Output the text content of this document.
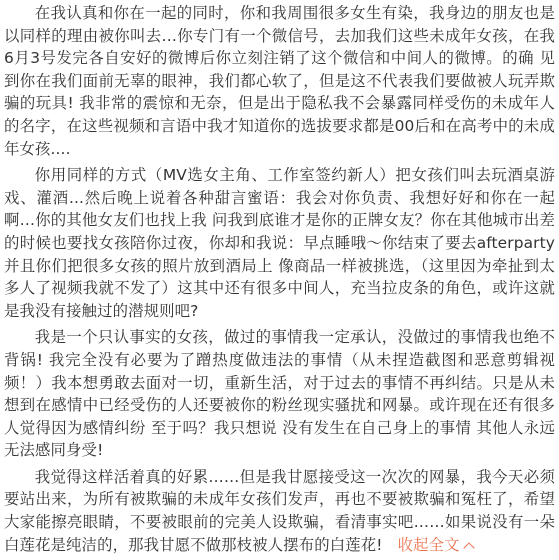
在我认真和你在一起的同时，你和我周围很多女生有染，我身边的朋友也是以同样的理由被你叫去…你专门有一个微信号，去加我们这些未成年女孩，在我6月3号发完各自安好的微博后你立刻注销了这个微信和中间人的微博。的确 见到你在我们面前无辜的眼神，我们都心软了，但是这不代表我们要做被人玩弄欺骗的玩具! 我非常的震惊和无奈，但是出于隐私我不会暴露同样受伤的未成年人的名字，在这些视频和言语中我才知道你的选拔要求都是00后和在高考中的未成年女孩....

你用同样的方式（MV选女主角、工作室签约新人）把女孩们叫去玩酒桌游戏、灌酒...然后晚上说着各种甜言蜜语：我会对你负责、我想好好和你在一起啊…你的其他女友们也找上我 问我到底谁才是你的正牌女友？你在其他城市出差的时候也要找女孩陪你过夜，你却和我说：早点睡哦～你结束了要去afterparty 并且你们把很多女孩的照片放到酒局上 像商品一样被挑选，（这里因为牵扯到太多人了视频我就不发了）这其中还有很多中间人，充当拉皮条的角色，或许这就是我没有接触过的潜规则吧?

我是一个只认事实的女孩，做过的事情我一定承认，没做过的事情我也绝不背锅! 我完全没有必要为了蹭热度做违法的事情（从未捏造截图和恶意剪辑视频！）我本想勇敢去面对一切，重新生活，对于过去的事情不再纠结。只是从未想到在感情中已经受伤的人还要被你的粉丝现实骚扰和网暴。或许现在还有很多人觉得因为感情纠纷 至于吗？我只想说 没有发生在自己身上的事情 其他人永远无法感同身受!

我觉得这样活着真的好累……但是我甘愿接受这一次次的网暴，我今天必须要站出来，为所有被欺骗的未成年女孩们发声，再也不要被欺骗和冤枉了，希望大家能擦亮眼睛，不要被眼前的完美人设欺骗，看清事实吧……如果说没有一朵白莲花是纯洁的，那我甘愿不做那枝被人摆布的白莲花! 收起全文
